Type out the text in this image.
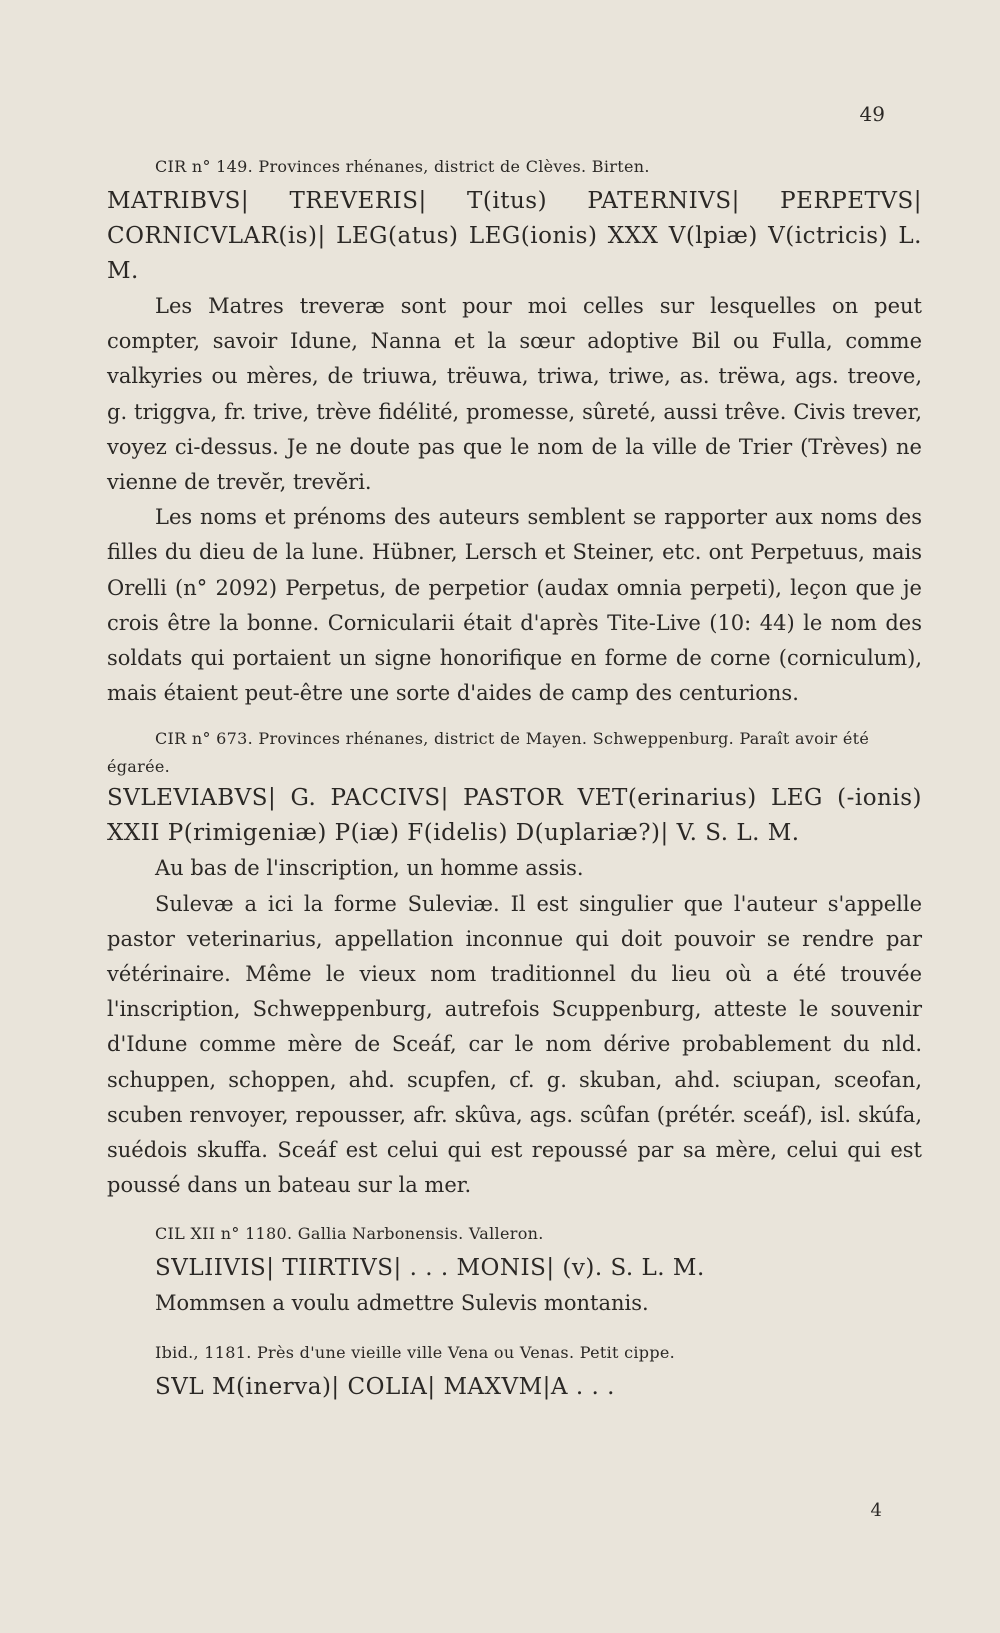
49
CIR n° 149. Provinces rhénanes, district de Clèves. Birten.
MATRIBVS| TREVERIS| T(itus) PATERNIVS| PERPETVS| CORNICVLAR(is)| LEG(atus) LEG(ionis) XXX V(lpiæ) V(ictricis) L. M.

Les Matres treveræ sont pour moi celles sur lesquelles on peut compter, savoir Idune, Nanna et la sœur adoptive Bil ou Fulla, comme valkyries ou mères, de triuwa, trëuwa, triwa, triwe, as. trëwa, ags. treove, g. triggva, fr. trive, trève fidélité, promesse, sûreté, aussi trêve. Civis trever, voyez ci-dessus. Je ne doute pas que le nom de la ville de Trier (Trèves) ne vienne de trevĕr, trevĕri.

Les noms et prénoms des auteurs semblent se rapporter aux noms des filles du dieu de la lune. Hübner, Lersch et Steiner, etc. ont Perpetuus, mais Orelli (n° 2092) Perpetus, de perpetior (audax omnia perpeti), leçon que je crois être la bonne. Cornicularii était d'après Tite-Live (10: 44) le nom des soldats qui portaient un signe honorifique en forme de corne (corniculum), mais étaient peut-être une sorte d'aides de camp des centurions.

CIR n° 673. Provinces rhénanes, district de Mayen. Schweppenburg. Paraît avoir été égarée.
SVLEVIABVS| G. PACCIVS| PASTOR VET(erinarius) LEG (-ionis) XXII P(rimigeniæ) P(iæ) F(idelis) D(uplariæ?)| V. S. L. M.

Au bas de l'inscription, un homme assis.

Sulevæ a ici la forme Suleviæ. Il est singulier que l'auteur s'appelle pastor veterinarius, appellation inconnue qui doit pouvoir se rendre par vétérinaire. Même le vieux nom traditionnel du lieu où a été trouvée l'inscription, Schweppenburg, autrefois Scuppenburg, atteste le souvenir d'Idune comme mère de Sceáf, car le nom dérive probablement du nld. schuppen, schoppen, ahd. scupfen, cf. g. skuban, ahd. sciupan, sceofan, scuben renvoyer, repousser, afr. skûva, ags. scûfan (prétér. sceáf), isl. skúfa, suédois skuffa. Sceáf est celui qui est repoussé par sa mère, celui qui est poussé dans un bateau sur la mer.

CIL XII n° 1180. Gallia Narbonensis. Valleron.
SVLIIVIS| TIIRTIVS| . . . MONIS| (v). S. L. M.

Mommsen a voulu admettre Sulevis montanis.

Ibid., 1181. Près d'une vieille ville Vena ou Venas. Petit cippe.
SVL M(inerva)| COLIA| MAXVM|A . . .
4
